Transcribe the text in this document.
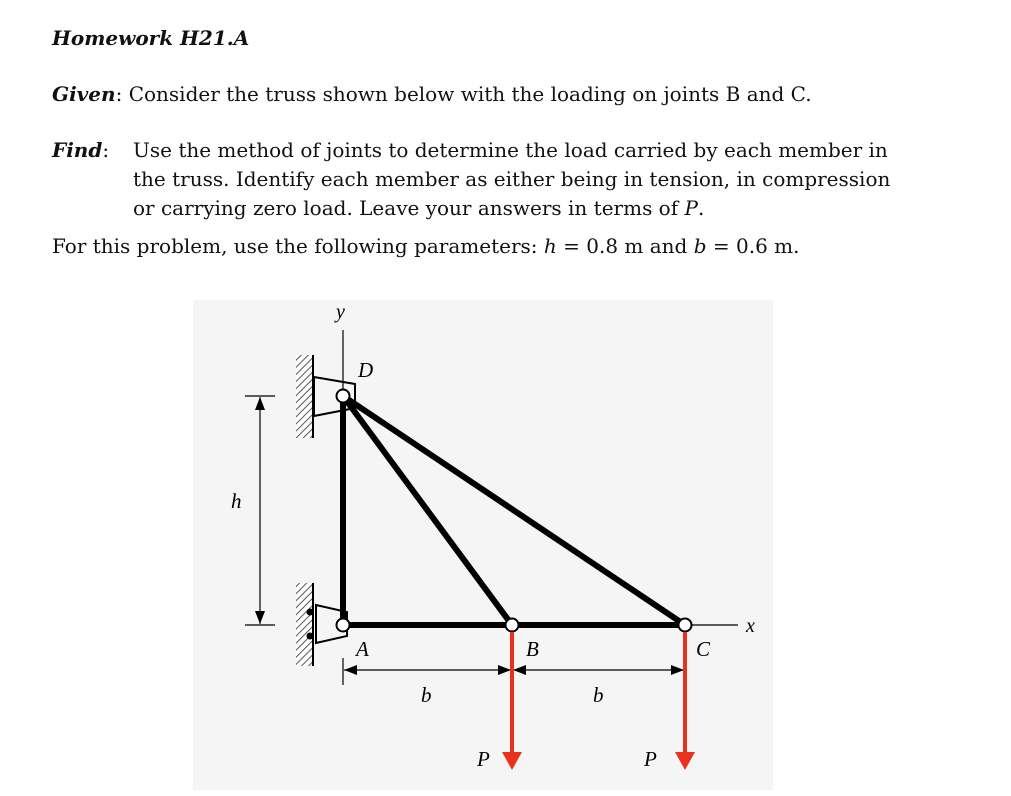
Homework H21.A
Given: Consider the truss shown below with the loading on joints B and C.
Find: Use the method of joints to determine the load carried by each member in
the truss. Identify each member as either being in tension, in compression
or carrying zero load. Leave your answers in terms of P.
For this problem, use the following parameters: h = 0.8 m and b = 0.6 m.
y
x
D
A	B	C
h
b	b
P	P
